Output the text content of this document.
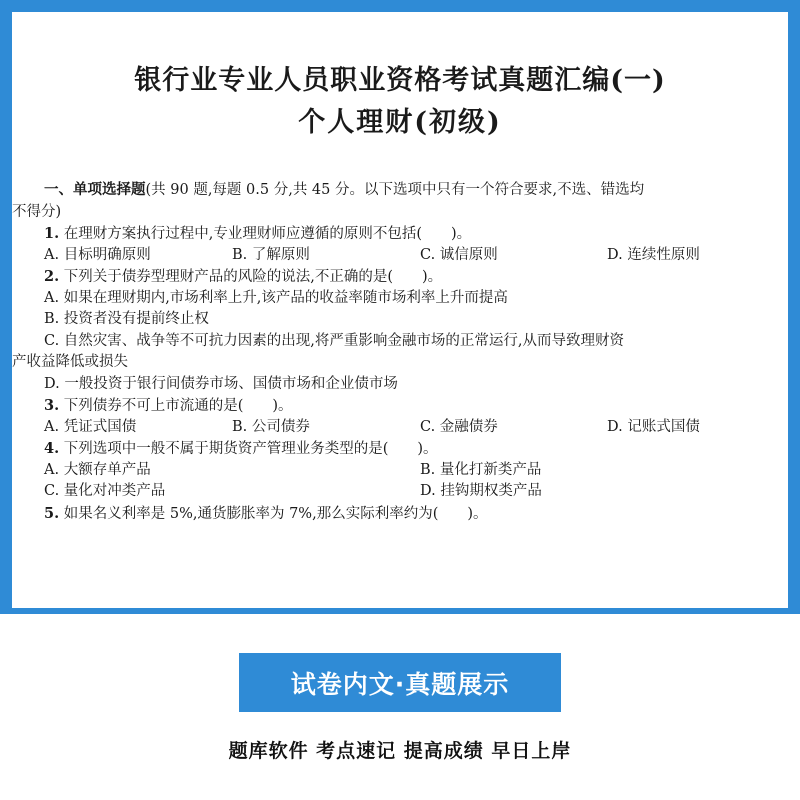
银行业专业人员职业资格考试真题汇编(一)
个人理财(初级)
一、单项选择题(共 90 题,每题 0.5 分,共 45 分。以下选项中只有一个符合要求,不选、错选均
不得分)
1. 在理财方案执行过程中,专业理财师应遵循的原则不包括(　　)。
A. 目标明确原则	B. 了解原则	C. 诚信原则	D. 连续性原则
2. 下列关于债券型理财产品的风险的说法,不正确的是(　　)。
A. 如果在理财期内,市场利率上升,该产品的收益率随市场利率上升而提高
B. 投资者没有提前终止权
C. 自然灾害、战争等不可抗力因素的出现,将严重影响金融市场的正常运行,从而导致理财资
产收益降低或损失
D. 一般投资于银行间债券市场、国债市场和企业债市场
3. 下列债券不可上市流通的是(　　)。
A. 凭证式国债	B. 公司债券	C. 金融债券	D. 记账式国债
4. 下列选项中一般不属于期货资产管理业务类型的是(　　)。
A. 大额存单产品	B. 量化打新类产品
C. 量化对冲类产品	D. 挂钩期权类产品
5. 如果名义利率是 5%,通货膨胀率为 7%,那么实际利率约为(　　)。
试卷内文·真题展示
题库软件 考点速记 提高成绩 早日上岸
